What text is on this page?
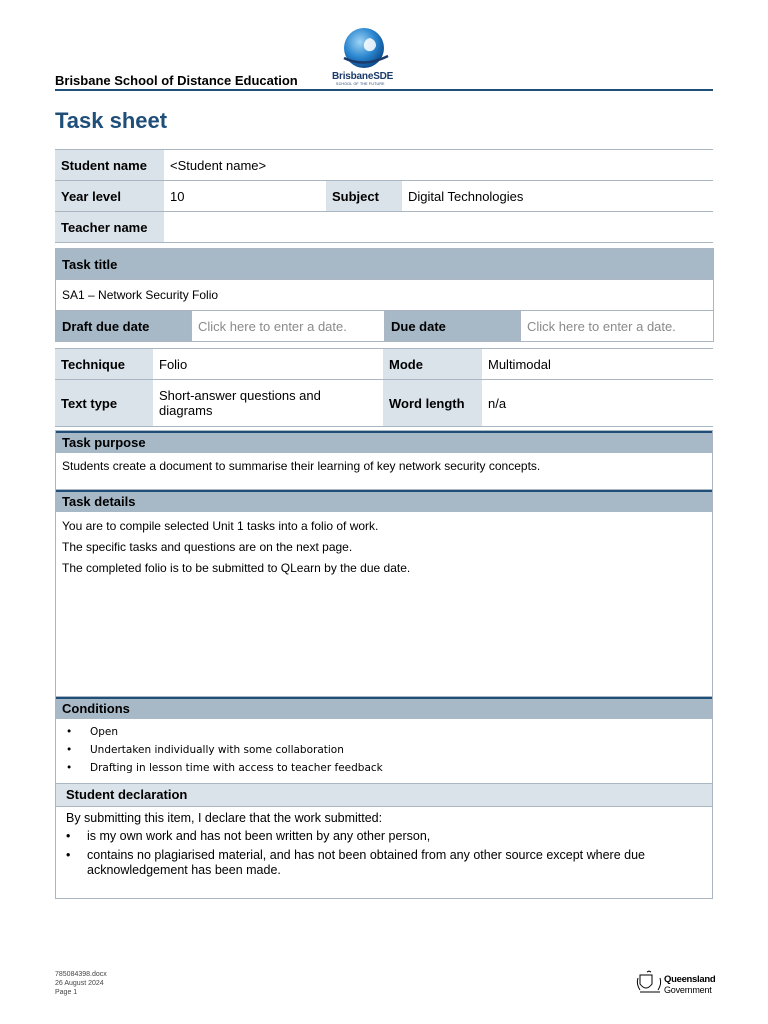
Brisbane School of Distance Education	BrisbaneSDE
SCHOOL OF THE FUTURE
Task sheet
Student name	<Student name>		
Year level	10	Subject	Digital Technologies
Teacher name			
Task title
SA1 – Network Security Folio
Draft due date	Click here to enter a date.	Due date	Click here to enter a date.
Technique	Folio	Mode	Multimodal
Text type	Short-answer questions and diagrams	Word length	n/a
Task purpose

Students create a document to summarise their learning of key network security concepts.

Task details

You are to compile selected Unit 1 tasks into a folio of work.

The specific tasks and questions are on the next page.

The completed folio is to be submitted to QLearn by the due date.

Conditions
• Open
• Undertaken individually with some collaboration
• Drafting in lesson time with access to teacher feedback
Student declaration
By submitting this item, I declare that the work submitted:
• is my own work and has not been written by any other person,
• contains no plagiarised material, and has not been obtained from any other source except where due acknowledgement has been made.
785084398.docx
26 August 2024
Page 1
Queensland
Government
